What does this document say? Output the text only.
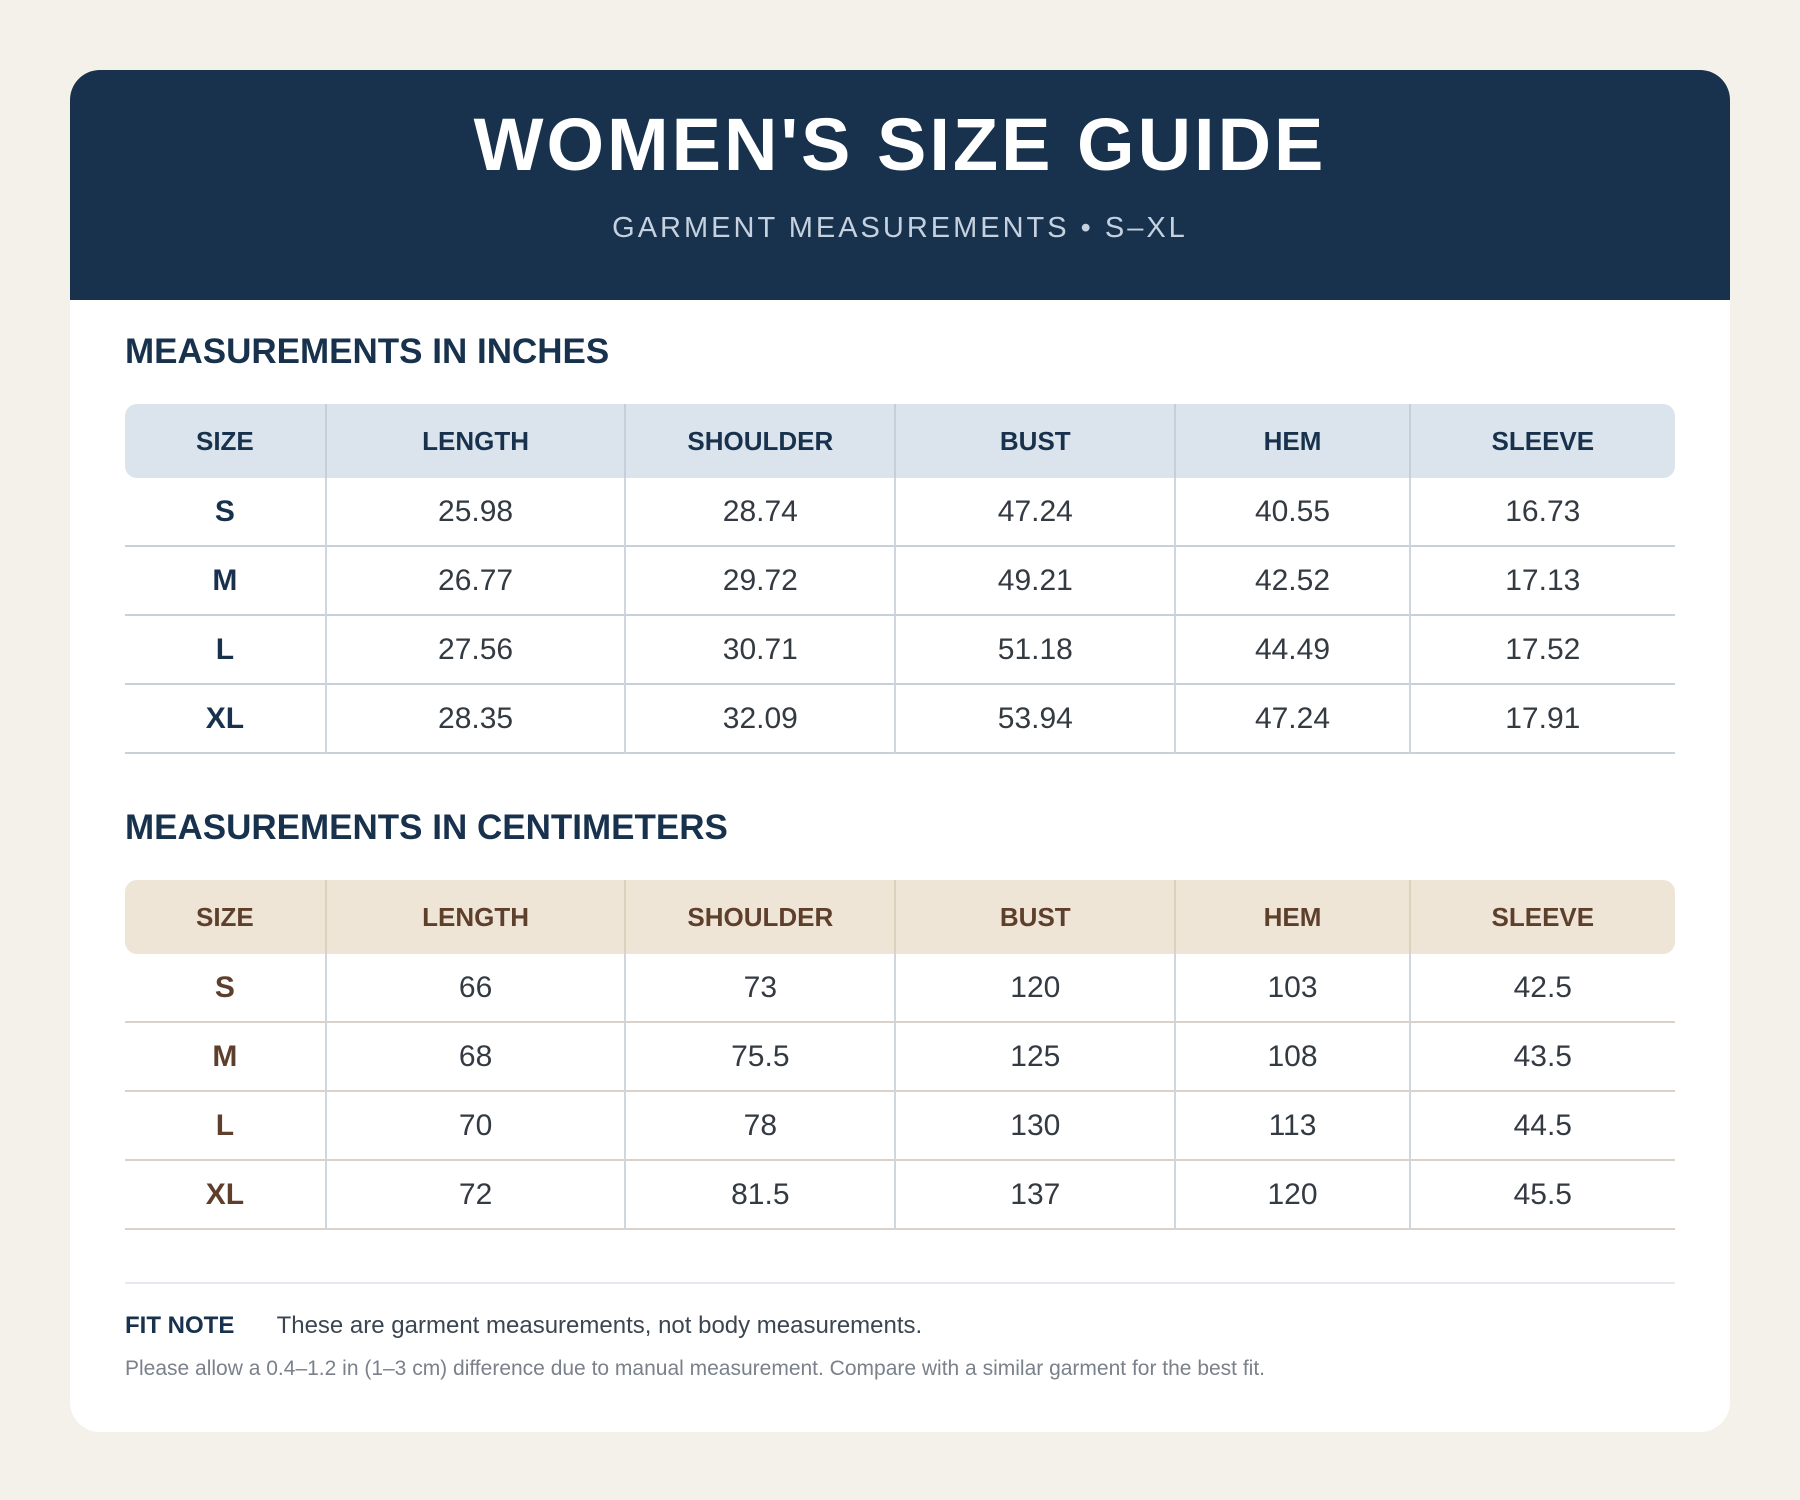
WOMEN'S SIZE GUIDE
GARMENT MEASUREMENTS • S–XL
MEASUREMENTS IN INCHES
SIZE	LENGTH	SHOULDER	BUST	HEM	SLEEVE
S	25.98	28.74	47.24	40.55	16.73
M	26.77	29.72	49.21	42.52	17.13
L	27.56	30.71	51.18	44.49	17.52
XL	28.35	32.09	53.94	47.24	17.91
MEASUREMENTS IN CENTIMETERS
SIZE	LENGTH	SHOULDER	BUST	HEM	SLEEVE
S	66	73	120	103	42.5
M	68	75.5	125	108	43.5
L	70	78	130	113	44.5
XL	72	81.5	137	120	45.5
FIT NOTE These are garment measurements, not body measurements.
Please allow a 0.4–1.2 in (1–3 cm) difference due to manual measurement. Compare with a similar garment for the best fit.
